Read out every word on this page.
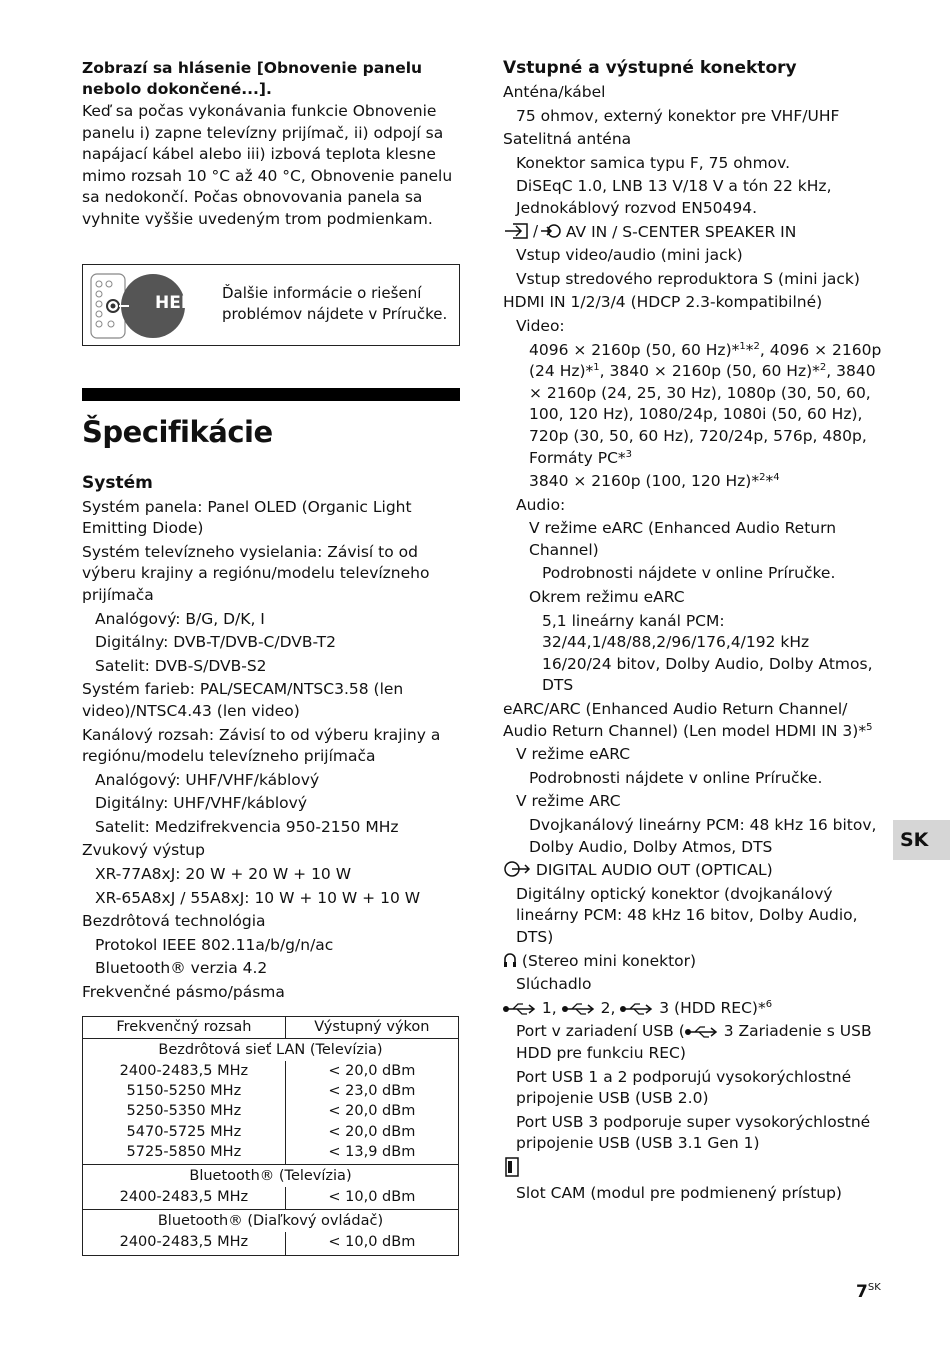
Zobrazí sa hlásenie [Obnovenie panelu nebolo dokončené...].

Keď sa počas vykonávania funkcie Obnovenie panelu i) zapne televízny prijímač, ii) odpojí sa napájací kábel alebo iii) izbová teplota klesne mimo rozsah 10 °C až 40 °C, Obnovenie panelu sa nedokončí. Počas obnovovania panela sa vyhnite vyššie uvedeným trom podmienkam.

HELP Ďalšie informácie o riešení problémov nájdete v Príručke.

Špecifikácie
Systém

Systém panela: Panel OLED (Organic Light Emitting Diode)

Systém televízneho vysielania: Závisí to od výberu krajiny a regiónu/modelu televízneho prijímača

Analógový: B/G, D/K, I

Digitálny: DVB-T/DVB-C/DVB-T2

Satelit: DVB-S/DVB-S2

Systém farieb: PAL/SECAM/NTSC3.58 (len video)/NTSC4.43 (len video)

Kanálový rozsah: Závisí to od výberu krajiny a regiónu/modelu televízneho prijímača

Analógový: UHF/VHF/káblový

Digitálny: UHF/VHF/káblový

Satelit: Medzifrekvencia 950-2150 MHz

Zvukový výstup

XR-77A8xJ: 20 W + 20 W + 10 W

XR-65A8xJ / 55A8xJ: 10 W + 10 W + 10 W

Bezdrôtová technológia

Protokol IEEE 802.11a/b/g/n/ac

Bluetooth® verzia 4.2

Frekvenčné pásmo/pásma

Frekvenčný rozsah	Výstupný výkon
Bezdrôtová sieť LAN (Televízia)	
2400-2483,5 MHz	< 20,0 dBm
5150-5250 MHz	< 23,0 dBm
5250-5350 MHz	< 20,0 dBm
5470-5725 MHz	< 20,0 dBm
5725-5850 MHz	< 13,9 dBm
Bluetooth® (Televízia)	
2400-2483,5 MHz	< 10,0 dBm
Bluetooth® (Diaľkový ovládač)	
2400-2483,5 MHz	< 10,0 dBm
Vstupné a výstupné konektory

Anténa/kábel

75 ohmov, externý konektor pre VHF/UHF

Satelitná anténa

Konektor samica typu F, 75 ohmov.

DiSEqC 1.0, LNB 13 V/18 V a tón 22 kHz, Jednokáblový rozvod EN50494.

/ AV IN / S-CENTER SPEAKER IN

Vstup video/audio (mini jack)

Vstup stredového reproduktora S (mini jack)

HDMI IN 1/2/3/4 (HDCP 2.3-kompatibilné)

Video:

4096 × 2160p (50, 60 Hz)*$^1$*$^2$, 4096 × 2160p (24 Hz)*$^1$, 3840 × 2160p (50, 60 Hz)*$^2$, 3840 × 2160p (24, 25, 30 Hz), 1080p (30, 50, 60, 100, 120 Hz), 1080/24p, 1080i (50, 60 Hz), 720p (30, 50, 60 Hz), 720/24p, 576p, 480p, Formáty PC*$^3$

3840 × 2160p (100, 120 Hz)*$^2$*$^4$

Audio:

V režime eARC (Enhanced Audio Return Channel)

Podrobnosti nájdete v online Príručke.

Okrem režimu eARC

5,1 lineárny kanál PCM: 32/44,1/48/88,2/96/176,4/192 kHz 16/20/24 bitov, Dolby Audio, Dolby Atmos, DTS

eARC/ARC (Enhanced Audio Return Channel/ Audio Return Channel) (Len model HDMI IN 3)*$^5$

V režime eARC

Podrobnosti nájdete v online Príručke.

V režime ARC

Dvojkanálový lineárny PCM: 48 kHz 16 bitov, Dolby Audio, Dolby Atmos, DTS

DIGITAL AUDIO OUT (OPTICAL)

Digitálny optický konektor (dvojkanálový lineárny PCM: 48 kHz 16 bitov, Dolby Audio, DTS)

(Stereo mini konektor)

Slúchadlo

1,  2,  3 (HDD REC)*$^6$

Port v zariadení USB ( 3 Zariadenie s USB HDD pre funkciu REC)

Port USB 1 a 2 podporujú vysokorýchlostné pripojenie USB (USB 2.0)

Port USB 3 podporuje super vysokorýchlostné pripojenie USB (USB 3.1 Gen 1)

Slot CAM (modul pre podmienený prístup)

SK
$7^{SK}$
